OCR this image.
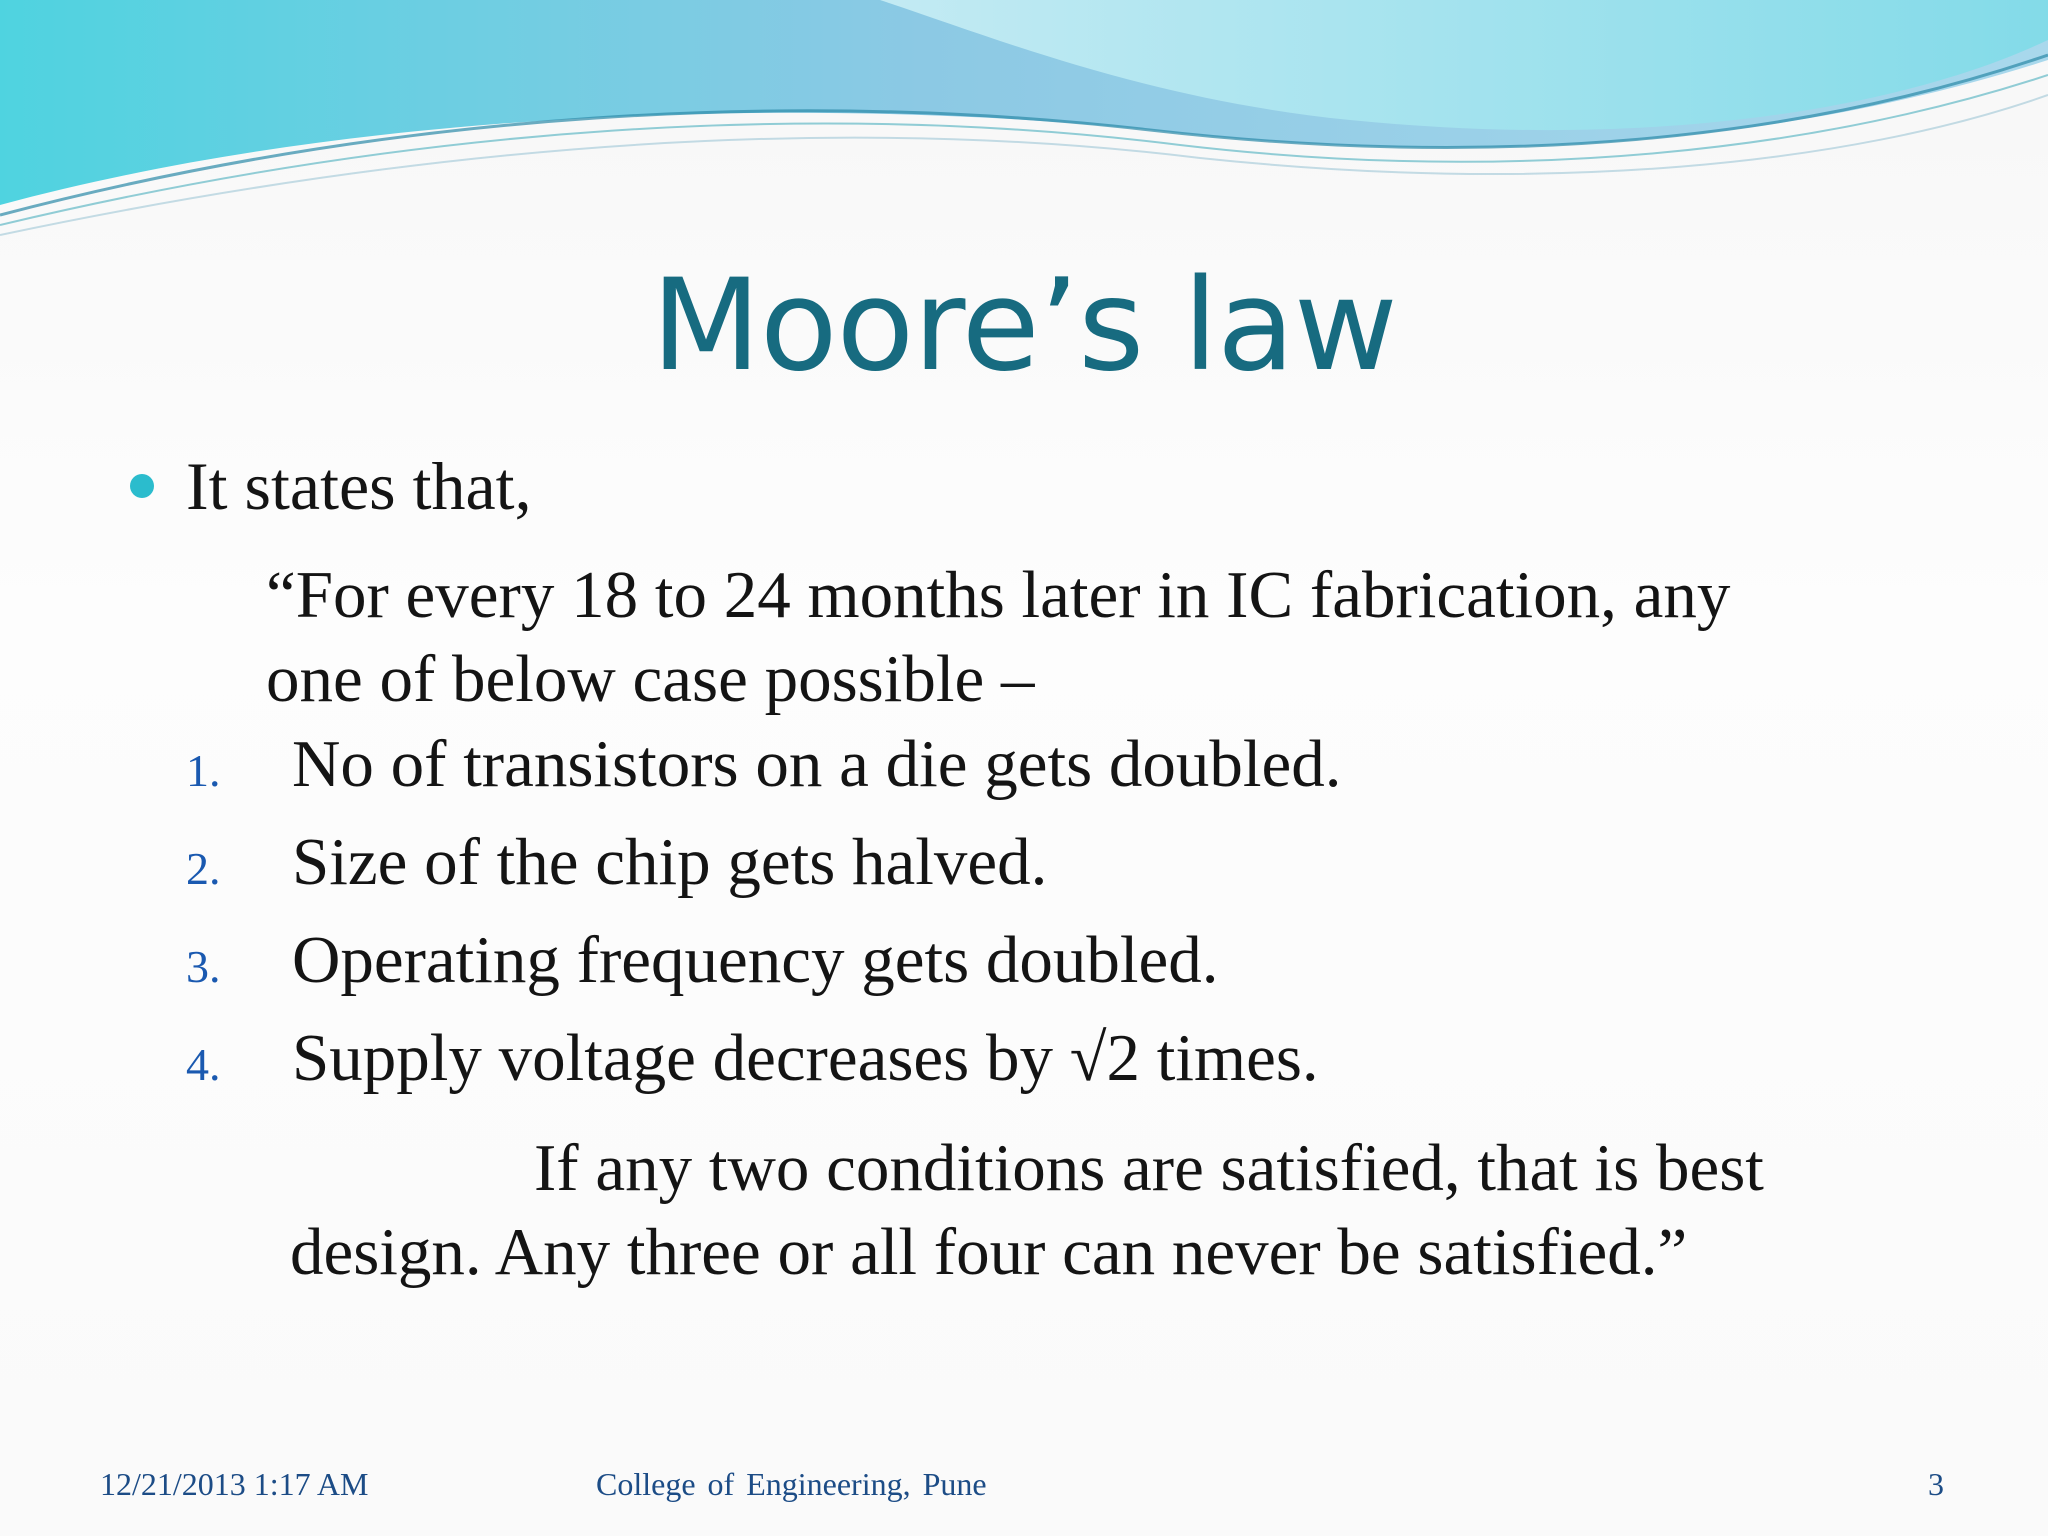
Moore’s law
It states that,
“For every 18 to 24 months later in IC fabrication, any
one of below case possible –
1.	No of transistors on a die gets doubled.
2.	Size of the chip gets halved.
3.	Operating frequency gets doubled.
4.	Supply voltage decreases by √2 times.
If any two conditions are satisfied, that is best
design. Any three or all four can never be satisfied.”
12/21/2013 1:17 AM	College of Engineering, Pune	3
